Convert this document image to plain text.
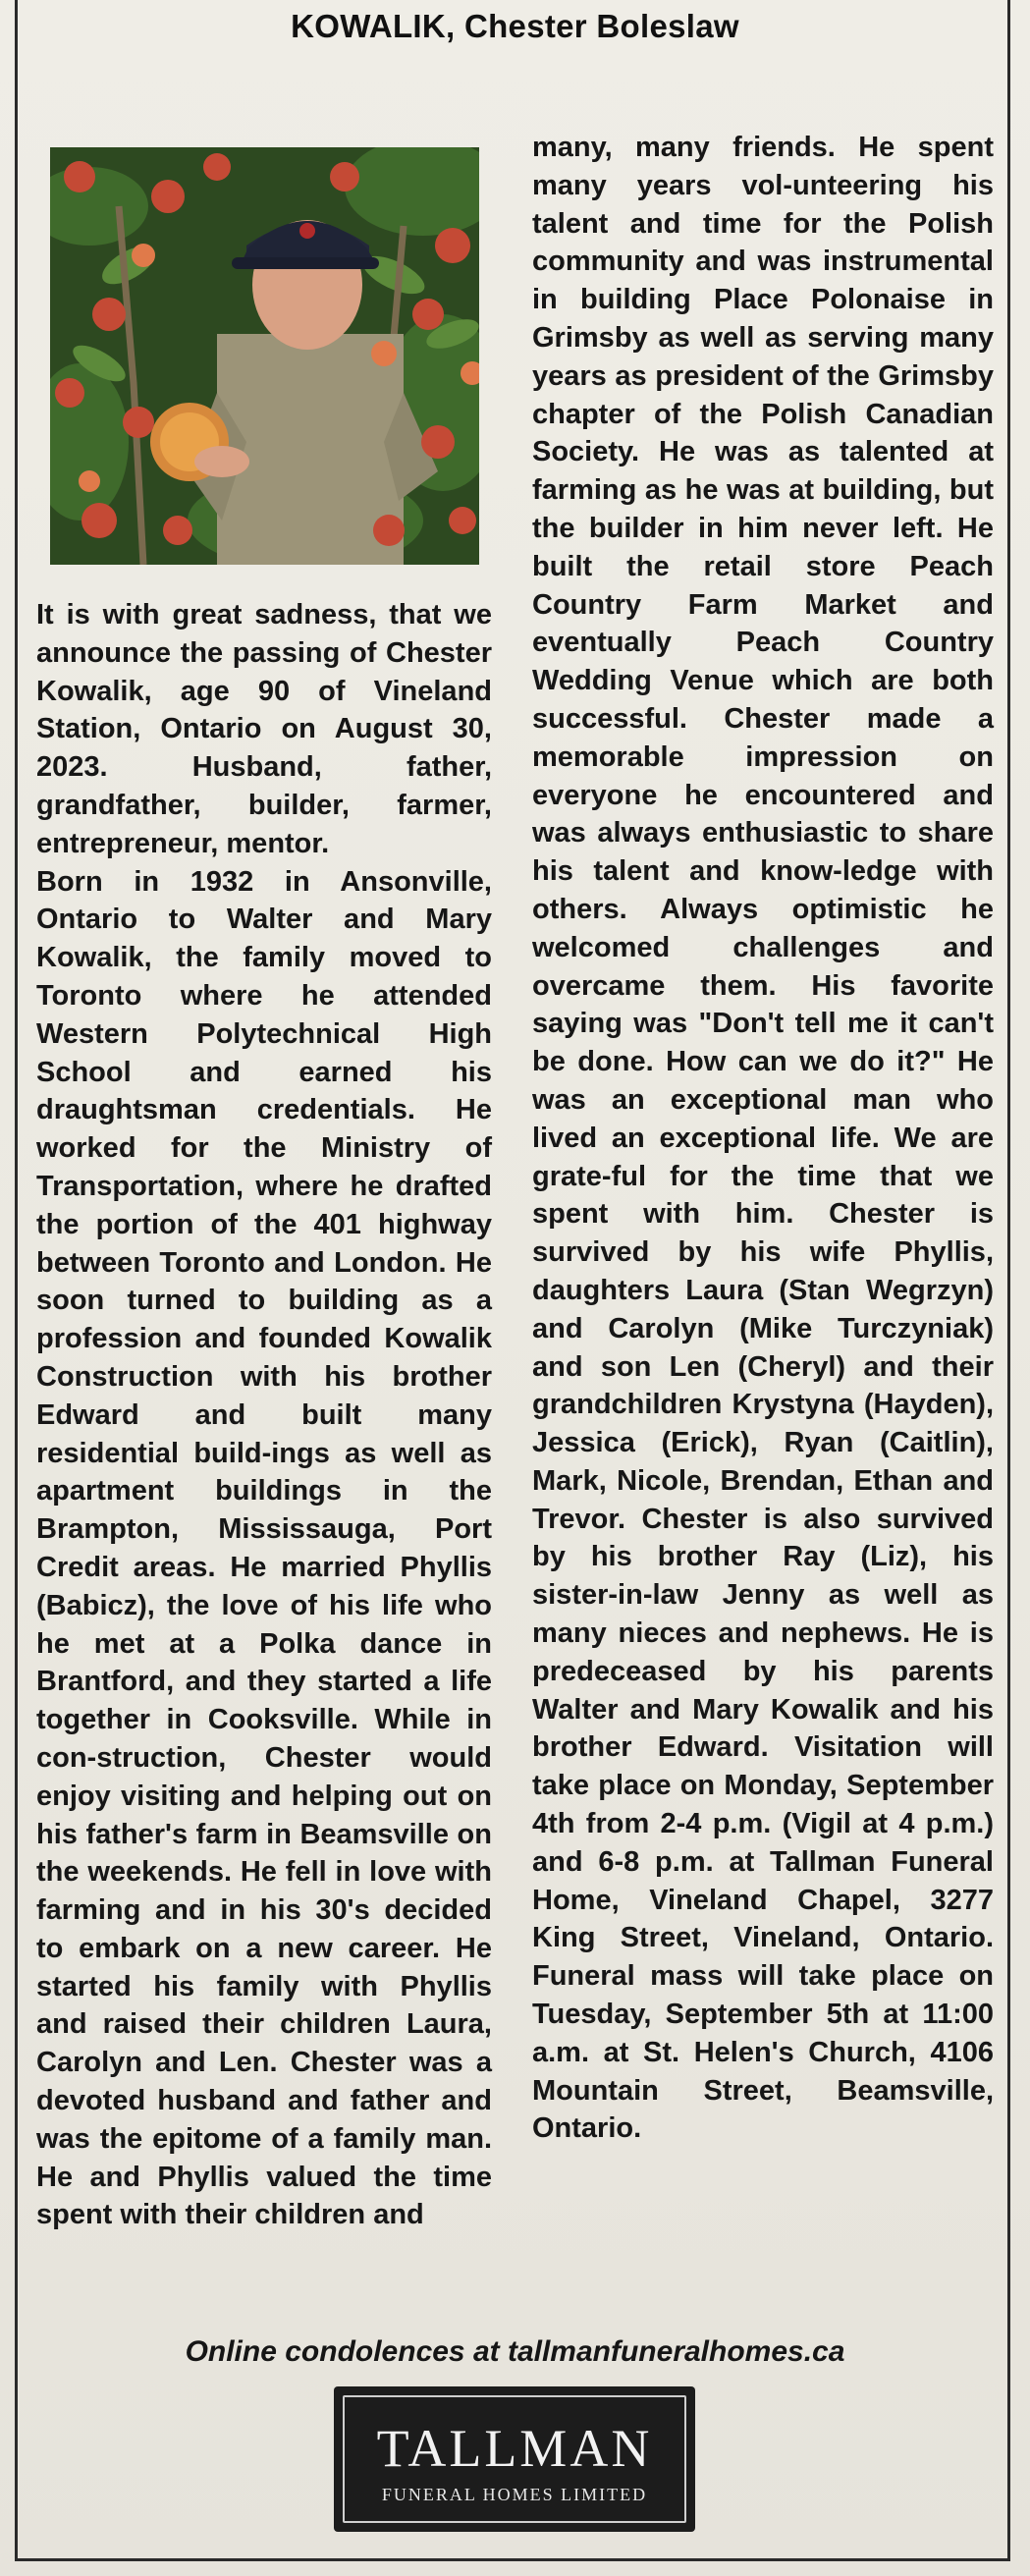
KOWALIK, Chester Boleslaw

It is with great sadness, that we announce the passing of Chester Kowalik, age 90 of Vineland Station, Ontario on August 30, 2023. Husband, father, grandfather, builder, farmer, entrepreneur, mentor.

Born in 1932 in Ansonville, Ontario to Walter and Mary Kowalik, the family moved to Toronto where he attended Western Polytechnical High School and earned his draughtsman credentials. He worked for the Ministry of Transportation, where he drafted the portion of the 401 highway between Toronto and London. He soon turned to building as a profession and founded Kowalik Construction with his brother Edward and built many residential build-ings as well as apartment buildings in the Brampton, Mississauga, Port Credit areas. He married Phyllis (Babicz), the love of his life who he met at a Polka dance in Brantford, and they started a life together in Cooksville. While in con-struction, Chester would enjoy visiting and helping out on his father's farm in Beamsville on the weekends. He fell in love with farming and in his 30's decided to embark on a new career. He started his family with Phyllis and raised their children Laura, Carolyn and Len. Chester was a devoted husband and father and was the epitome of a family man. He and Phyllis valued the time spent with their children and

many, many friends. He spent many years vol-unteering his talent and time for the Polish community and was instrumental in building Place Polonaise in Grimsby as well as serving many years as president of the Grimsby chapter of the Polish Canadian Society. He was as talented at farming as he was at building, but the builder in him never left. He built the retail store Peach Country Farm Market and eventually Peach Country Wedding Venue which are both successful. Chester made a memorable impression on everyone he encountered and was always enthusiastic to share his talent and know-ledge with others. Always optimistic he welcomed challenges and overcame them. His favorite saying was "Don't tell me it can't be done. How can we do it?" He was an exceptional man who lived an exceptional life. We are grate-ful for the time that we spent with him. Chester is survived by his wife Phyllis, daughters Laura (Stan Wegrzyn) and Carolyn (Mike Turczyniak) and son Len (Cheryl) and their grandchildren Krystyna (Hayden), Jessica (Erick), Ryan (Caitlin), Mark, Nicole, Brendan, Ethan and Trevor. Chester is also survived by his brother Ray (Liz), his sister-in-law Jenny as well as many nieces and nephews. He is predeceased by his parents Walter and Mary Kowalik and his brother Edward. Visitation will take place on Monday, September 4th from 2-4 p.m. (Vigil at 4 p.m.) and 6-8 p.m. at Tallman Funeral Home, Vineland Chapel, 3277 King Street, Vineland, Ontario. Funeral mass will take place on Tuesday, September 5th at 11:00 a.m. at St. Helen's Church, 4106 Mountain Street, Beamsville, Ontario.

Online condolences at tallmanfuneralhomes.ca
TALLMAN
FUNERAL HOMES LIMITED
